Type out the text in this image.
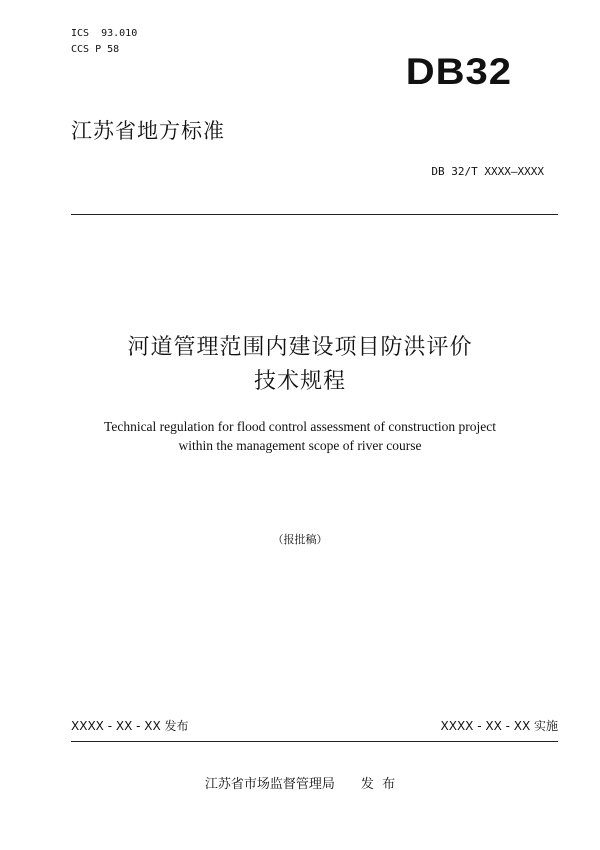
ICS  93.010
CCS P 58
DB32
江苏省地方标准
DB 32/T XXXX—XXXX
河道管理范围内建设项目防洪评价
技术规程
Technical regulation for flood control assessment of construction project
within the management scope of river course
（报批稿）
XXXX - XX - XX 发布	XXXX - XX - XX 实施
江苏省市场监督管理局 发  布
